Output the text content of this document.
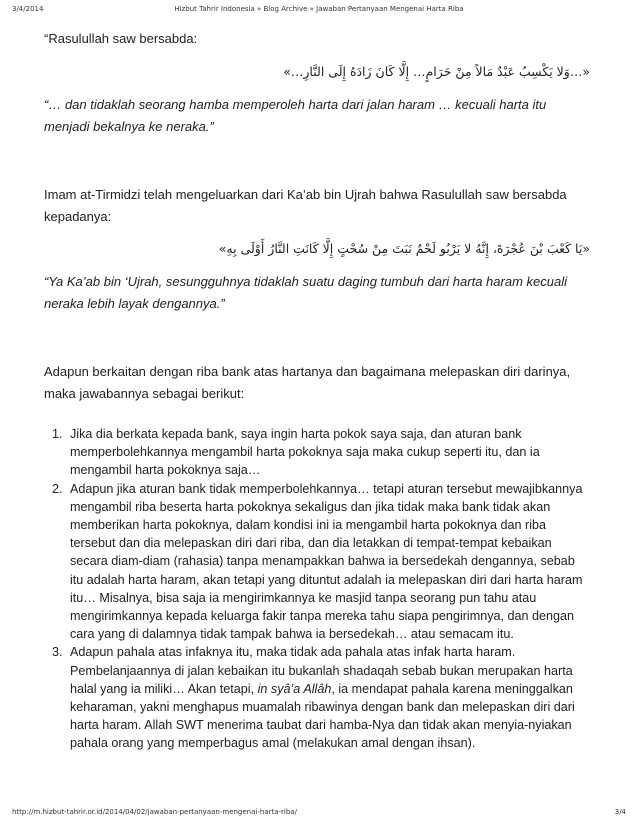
3/4/2014	Hizbut Tahrir Indonesia » Blog Archive » Jawaban Pertanyaan Mengenai Harta Riba

“Rasulullah saw bersabda:

«…وَلا يَكْسِبُ عَبْدٌ مَالاً مِنْ حَرَامٍ… إِلَّا كَانَ زَادَهُ إِلَى النَّارِ…»

“… dan tidaklah seorang hamba memperoleh harta dari jalan haram … kecuali harta itu menjadi bekalnya ke neraka.”

Imam at-Tirmidzi telah mengeluarkan dari Ka’ab bin Ujrah bahwa Rasulullah saw bersabda kepadanya:

«يَا كَعْبَ بْنَ عُجْرَةَ، إِنَّهُ لا يَرْبُو لَحْمٌ نَبَتَ مِنْ سُحْتٍ إِلَّا كَانَتِ النَّارُ أَوْلَى بِهِ»

“Ya Ka’ab bin ‘Ujrah, sesungguhnya tidaklah suatu daging tumbuh dari harta haram kecuali neraka lebih layak dengannya.”

Adapun berkaitan dengan riba bank atas hartanya dan bagaimana melepaskan diri darinya, maka jawabannya sebagai berikut:

1. Jika dia berkata kepada bank, saya ingin harta pokok saya saja, dan aturan bank memperbolehkannya mengambil harta pokoknya saja maka cukup seperti itu, dan ia mengambil harta pokoknya saja…
2. Adapun jika aturan bank tidak memperbolehkannya… tetapi aturan tersebut mewajibkannya mengambil riba beserta harta pokoknya sekaligus dan jika tidak maka bank tidak akan memberikan harta pokoknya, dalam kondisi ini ia mengambil harta pokoknya dan riba tersebut dan dia melepaskan diri dari riba, dan dia letakkan di tempat-tempat kebaikan secara diam-diam (rahasia) tanpa menampakkan bahwa ia bersedekah dengannya, sebab itu adalah harta haram, akan tetapi yang dituntut adalah ia melepaskan diri dari harta haram itu… Misalnya, bisa saja ia mengirimkannya ke masjid tanpa seorang pun tahu atau mengirimkannya kepada keluarga fakir tanpa mereka tahu siapa pengirimnya, dan dengan cara yang di dalamnya tidak tampak bahwa ia bersedekah… atau semacam itu.
3. Adapun pahala atas infaknya itu, maka tidak ada pahala atas infak harta haram. Pembelanjaannya di jalan kebaikan itu bukanlah shadaqah sebab bukan merupakan harta halal yang ia miliki… Akan tetapi, in syâ’a Allâh, ia mendapat pahala karena meninggalkan keharaman, yakni menghapus muamalah ribawinya dengan bank dan melepaskan diri dari harta haram. Allah SWT menerima taubat dari hamba-Nya dan tidak akan menyia-nyiakan pahala orang yang memperbagus amal (melakukan amal dengan ihsan).
http://m.hizbut-tahrir.or.id/2014/04/02/jawaban-pertanyaan-mengenai-harta-riba/	3/4
